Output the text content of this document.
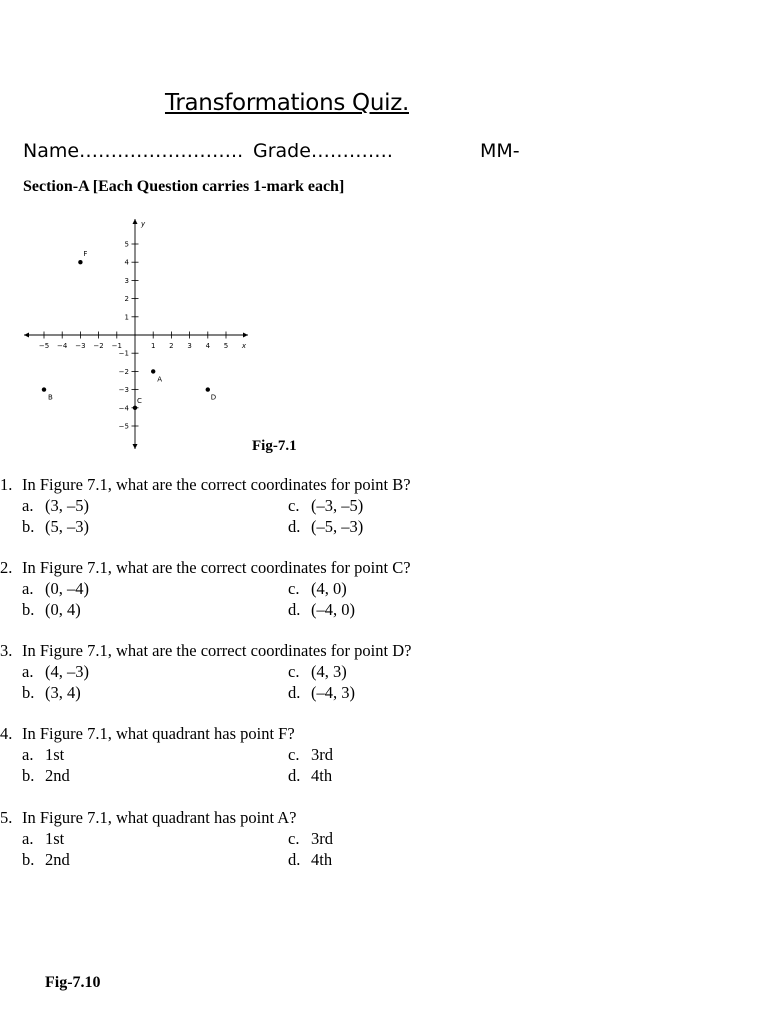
Transformations Quiz.
Name…………………….. Grade………….	MM-
Section-A [Each Question carries 1-mark each]
−5 −4 −3 −2 −1	1 2 3 4 5
5
4
3
2
1
−1
−2
−3
−4
−5
x
y
F
A
B	C	D
Fig-7.1
1. In Figure 7.1, what are the correct coordinates for point B?
a. (3, –5)
b. (5, –3)
c. (–3, –5)
d. (–5, –3)
2. In Figure 7.1, what are the correct coordinates for point C?
a. (0, –4)
b. (0, 4)
c. (4, 0)
d. (–4, 0)
3. In Figure 7.1, what are the correct coordinates for point D?
a. (4, –3)
b. (3, 4)
c. (4, 3)
d. (–4, 3)
4. In Figure 7.1, what quadrant has point F?
a. 1st
b. 2nd
c. 3rd
d. 4th
5. In Figure 7.1, what quadrant has point A?
a. 1st
b. 2nd
c. 3rd
d. 4th
Fig-7.10
